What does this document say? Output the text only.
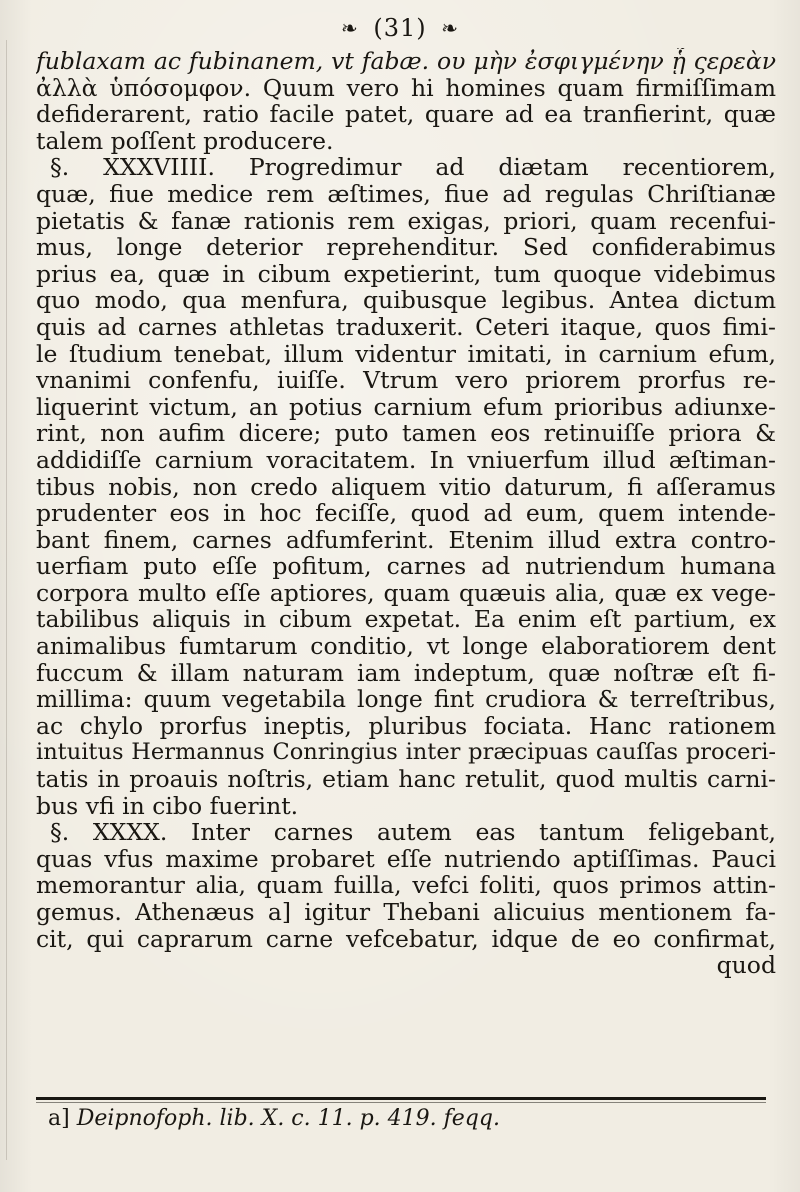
❧ (31) ❧
fublaxam ac fubinanem, vt fabæ. ου μὴν ἐσφιγμένην ᾗ ςερεὰν
ἀλλὰ ὑπόσομφον. Quum vero hi homines quam firmiſſimam
defiderarent, ratio facile patet, quare ad ea tranfierint, quæ
talem poſſent producere.
§. XXXVIIII. Progredimur ad diætam recentiorem,
quæ, fiue medice rem æſtimes, fiue ad regulas Chriſtianæ
pietatis & fanæ rationis rem exigas, priori, quam recenfui-
mus, longe deterior reprehenditur. Sed confiderabimus
prius ea, quæ in cibum expetierint, tum quoque videbimus
quo modo, qua menfura, quibusque legibus. Antea dictum
quis ad carnes athletas traduxerit. Ceteri itaque, quos fimi-
le ſtudium tenebat, illum videntur imitati, in carnium efum,
vnanimi confenfu, iuiſſe. Vtrum vero priorem prorfus re-
liquerint victum, an potius carnium efum prioribus adiunxe-
rint, non aufim dicere; puto tamen eos retinuiſſe priora &
addidiſſe carnium voracitatem. In vniuerfum illud æſtiman-
tibus nobis, non credo aliquem vitio daturum, fi aſſeramus
prudenter eos in hoc feciſſe, quod ad eum, quem intende-
bant finem, carnes adfumferint. Etenim illud extra contro-
uerfiam puto eſſe pofitum, carnes ad nutriendum humana
corpora multo eſſe aptiores, quam quæuis alia, quæ ex vege-
tabilibus aliquis in cibum expetat. Ea enim eſt partium, ex
animalibus fumtarum conditio, vt longe elaboratiorem dent
fuccum & illam naturam iam indeptum, quæ noſtræ eſt fi-
millima: quum vegetabila longe fint crudiora & terreſtribus,
ac chylo prorfus ineptis, pluribus fociata. Hanc rationem
intuitus Hermannus Conringius inter præcipuas cauſſas proceri-
tatis in proauis noſtris, etiam hanc retulit, quod multis carni-
bus vfi in cibo fuerint.
§. XXXX. Inter carnes autem eas tantum feligebant,
quas vfus maxime probaret eſſe nutriendo aptiſſimas. Pauci
memorantur alia, quam fuilla, vefci foliti, quos primos attin-
gemus. Athenæus a] igitur Thebani alicuius mentionem fa-
cit, qui caprarum carne vefcebatur, idque de eo confirmat,
quod
a] Deipnofoph. lib. X. c. 11. p. 419. feqq.
